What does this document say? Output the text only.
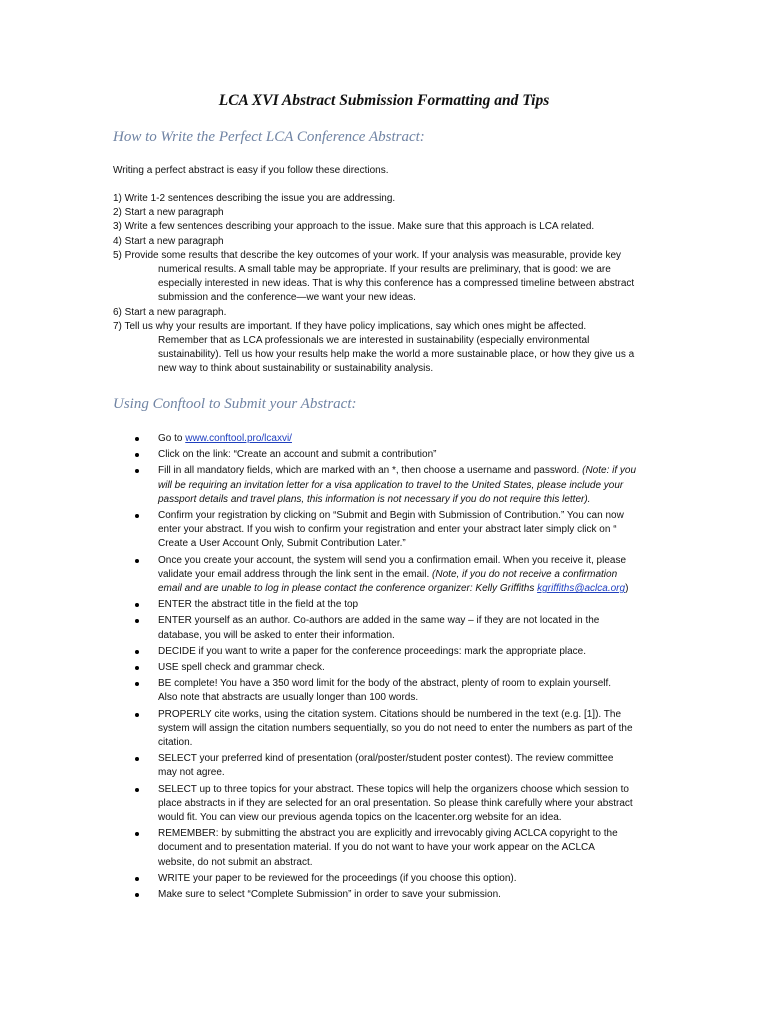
LCA XVI Abstract Submission Formatting and Tips
How to Write the Perfect LCA Conference Abstract:
Writing a perfect abstract is easy if you follow these directions.
1) Write 1-2 sentences describing the issue you are addressing.
2) Start a new paragraph
3) Write a few sentences describing your approach to the issue. Make sure that this approach is LCA related.
4) Start a new paragraph
5) Provide some results that describe the key outcomes of your work. If your analysis was measurable, provide key
numerical results. A small table may be appropriate. If your results are preliminary, that is good: we are
especially interested in new ideas. That is why this conference has a compressed timeline between abstract
submission and the conference—we want your new ideas.
6) Start a new paragraph.
7) Tell us why your results are important. If they have policy implications, say which ones might be affected.
Remember that as LCA professionals we are interested in sustainability (especially environmental
sustainability). Tell us how your results help make the world a more sustainable place, or how they give us a
new way to think about sustainability or sustainability analysis.
Using Conftool to Submit your Abstract:
Go to www.conftool.pro/lcaxvi/
Click on the link: “Create an account and submit a contribution”
Fill in all mandatory fields, which are marked with an *, then choose a username and password. (Note: if you
will be requiring an invitation letter for a visa application to travel to the United States, please include your
passport details and travel plans, this information is not necessary if you do not require this letter).
Confirm your registration by clicking on “Submit and Begin with Submission of Contribution.” You can now
enter your abstract. If you wish to confirm your registration and enter your abstract later simply click on “
Create a User Account Only, Submit Contribution Later.”
Once you create your account, the system will send you a confirmation email. When you receive it, please
validate your email address through the link sent in the email. (Note, if you do not receive a confirmation
email and are unable to log in please contact the conference organizer: Kelly Griffiths kgriffiths@aclca.org)
ENTER the abstract title in the field at the top
ENTER yourself as an author. Co-authors are added in the same way – if they are not located in the
database, you will be asked to enter their information.
DECIDE if you want to write a paper for the conference proceedings: mark the appropriate place.
USE spell check and grammar check.
BE complete! You have a 350 word limit for the body of the abstract, plenty of room to explain yourself.
Also note that abstracts are usually longer than 100 words.
PROPERLY cite works, using the citation system. Citations should be numbered in the text (e.g. [1]). The
system will assign the citation numbers sequentially, so you do not need to enter the numbers as part of the
citation.
SELECT your preferred kind of presentation (oral/poster/student poster contest). The review committee
may not agree.
SELECT up to three topics for your abstract. These topics will help the organizers choose which session to
place abstracts in if they are selected for an oral presentation. So please think carefully where your abstract
would fit. You can view our previous agenda topics on the lcacenter.org website for an idea.
REMEMBER: by submitting the abstract you are explicitly and irrevocably giving ACLCA copyright to the
document and to presentation material. If you do not want to have your work appear on the ACLCA
website, do not submit an abstract.
WRITE your paper to be reviewed for the proceedings (if you choose this option).
Make sure to select “Complete Submission” in order to save your submission.
